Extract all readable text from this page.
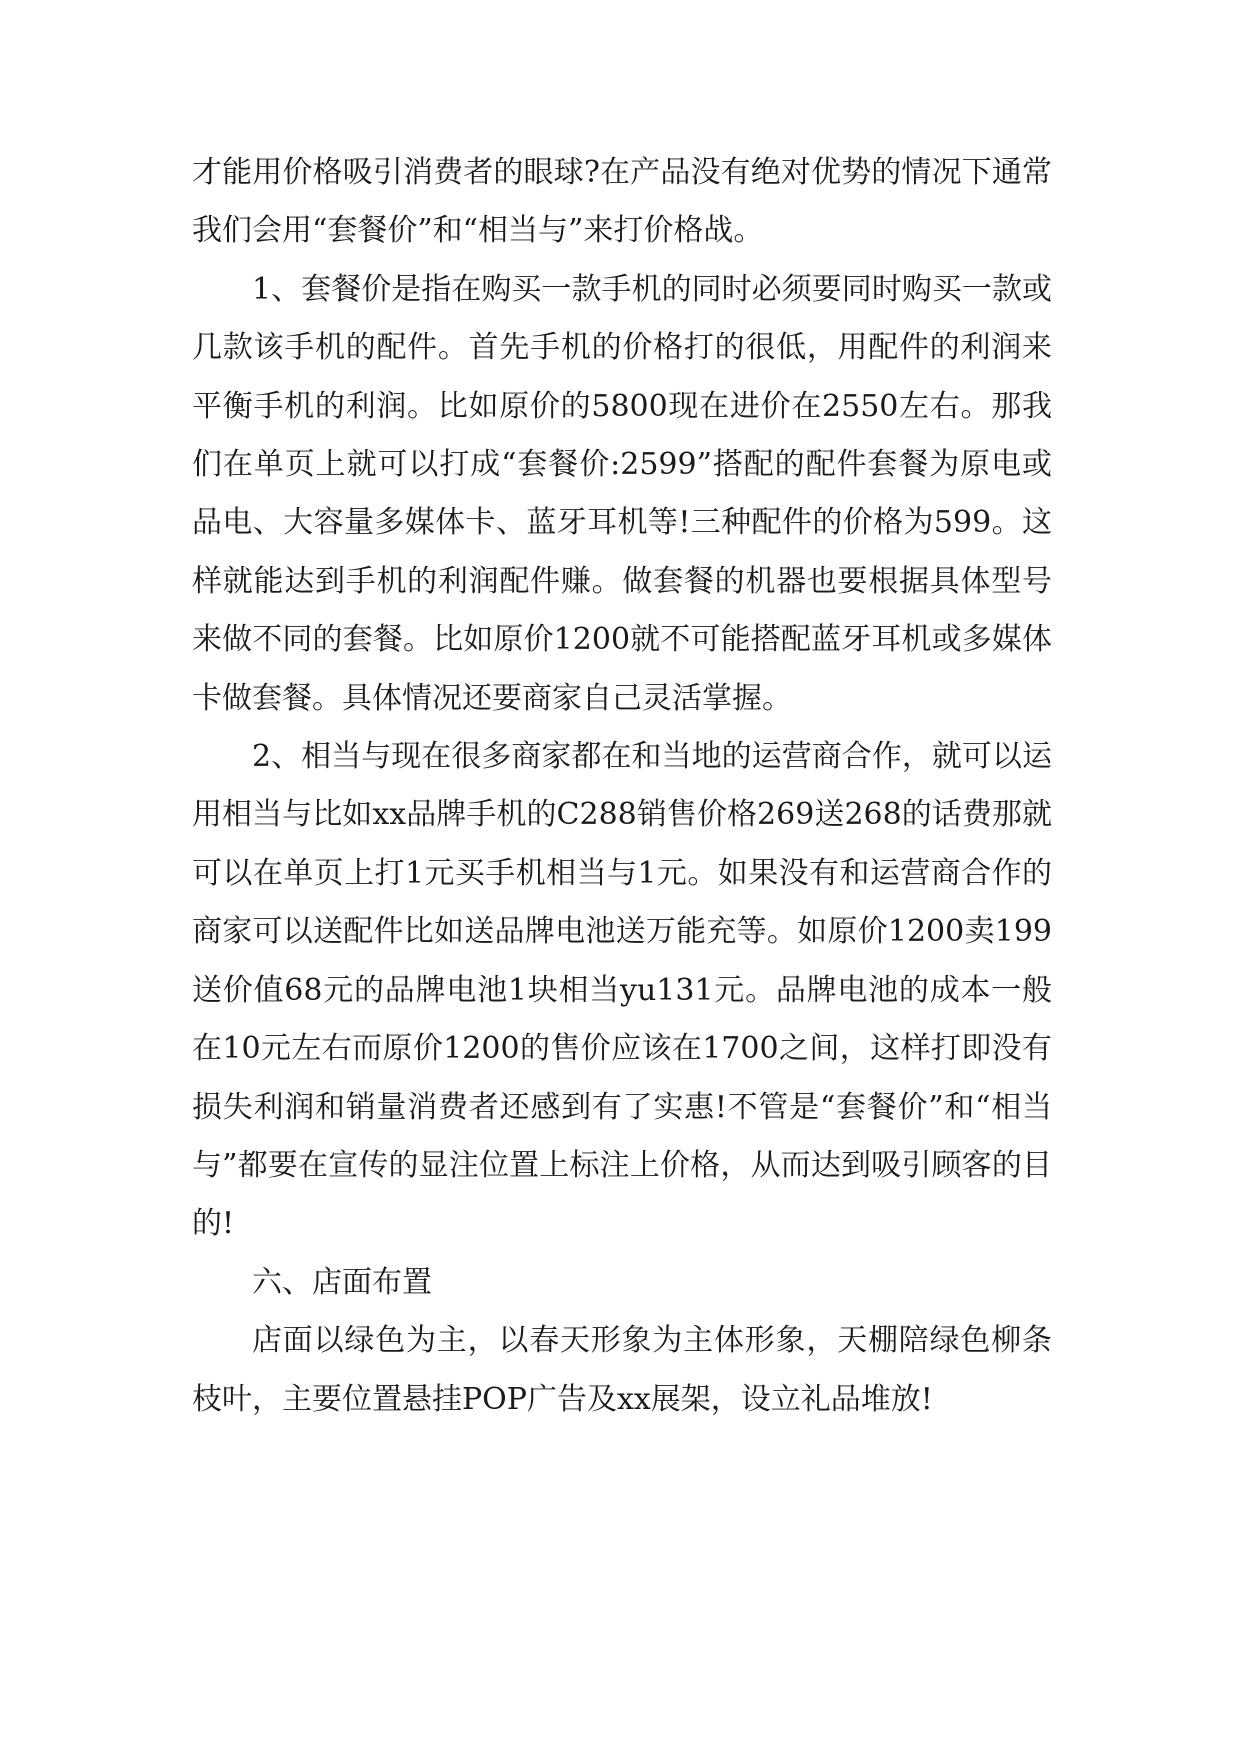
才能用价格吸引消费者的眼球?在产品没有绝对优势的情况下通常我们会用“套餐价”和“相当与”来打价格战。

1、套餐价是指在购买一款手机的同时必须要同时购买一款或几款该手机的配件。首先手机的价格打的很低，用配件的利润来平衡手机的利润。比如原价的5800现在进价在2550左右。那我们在单页上就可以打成“套餐价:2599”搭配的配件套餐为原电或品电、大容量多媒体卡、蓝牙耳机等!三种配件的价格为599。这样就能达到手机的利润配件赚。做套餐的机器也要根据具体型号来做不同的套餐。比如原价1200就不可能搭配蓝牙耳机或多媒体卡做套餐。具体情况还要商家自己灵活掌握。

2、相当与现在很多商家都在和当地的运营商合作，就可以运用相当与比如xx品牌手机的C288销售价格269送268的话费那就可以在单页上打1元买手机相当与1元。如果没有和运营商合作的商家可以送配件比如送品牌电池送万能充等。如原价1200卖199送价值68元的品牌电池1块相当yu131元。品牌电池的成本一般在10元左右而原价1200的售价应该在1700之间，这样打即没有损失利润和销量消费者还感到有了实惠!不管是“套餐价”和“相当与”都要在宣传的显注位置上标注上价格，从而达到吸引顾客的目的!

六、店面布置

店面以绿色为主，以春天形象为主体形象，天棚陪绿色柳条枝叶，主要位置悬挂POP广告及xx展架，设立礼品堆放!
